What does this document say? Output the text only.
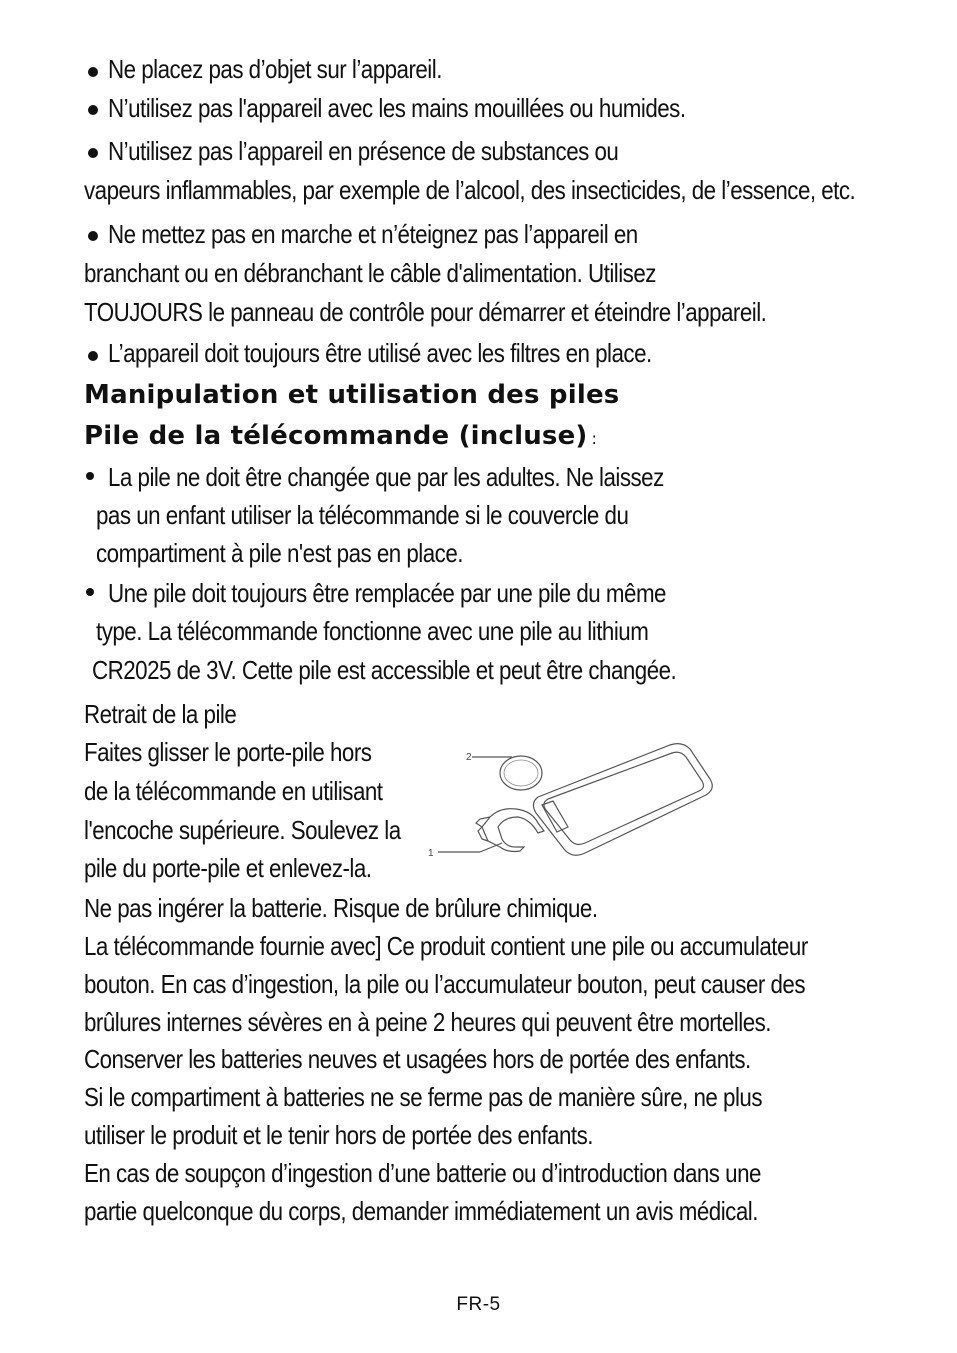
Ne placez pas d’objet sur l’appareil.
N’utilisez pas l'appareil avec les mains mouillées ou humides.
N’utilisez pas l’appareil en présence de substances ou
vapeurs inflammables, par exemple de l’alcool, des insecticides, de l’essence, etc.
Ne mettez pas en marche et n’éteignez pas l’appareil en
branchant ou en débranchant le câble d'alimentation. Utilisez
TOUJOURS le panneau de contrôle pour démarrer et éteindre l’appareil.
L’appareil doit toujours être utilisé avec les filtres en place.
Manipulation et utilisation des piles
Pile de la télécommande (incluse) :
La pile ne doit être changée que par les adultes. Ne laissez
pas un enfant utiliser la télécommande si le couvercle du
compartiment à pile n'est pas en place.
Une pile doit toujours être remplacée par une pile du même
type. La télécommande fonctionne avec une pile au lithium
CR2025 de 3V. Cette pile est accessible et peut être changée.
Retrait de la pile
Faites glisser le porte-pile hors
de la télécommande en utilisant
l'encoche supérieure. Soulevez la
pile du porte-pile et enlevez-la.
2
1
Ne pas ingérer la batterie. Risque de brûlure chimique.
La télécommande fournie avec] Ce produit contient une pile ou accumulateur
bouton. En cas d’ingestion, la pile ou l’accumulateur bouton, peut causer des
brûlures internes sévères en à peine 2 heures qui peuvent être mortelles.
Conserver les batteries neuves et usagées hors de portée des enfants.
Si le compartiment à batteries ne se ferme pas de manière sûre, ne plus
utiliser le produit et le tenir hors de portée des enfants.
En cas de soupçon d’ingestion d’une batterie ou d’introduction dans une
partie quelconque du corps, demander immédiatement un avis médical.
FR-5
